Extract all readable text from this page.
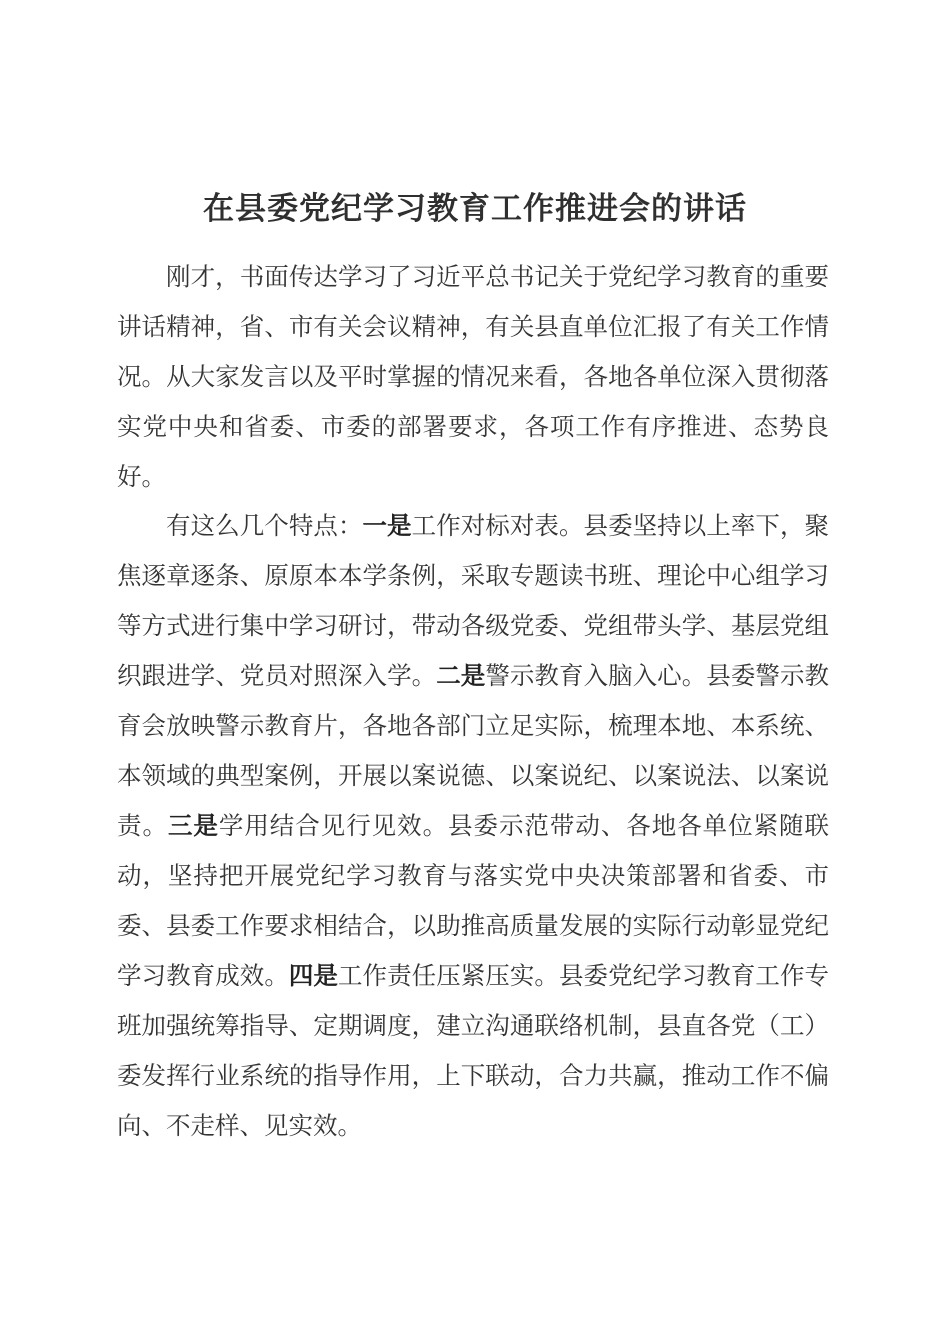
在县委党纪学习教育工作推进会的讲话

刚才，书面传达学习了习近平总书记关于党纪学习教育的重要讲话精神，省、市有关会议精神，有关县直单位汇报了有关工作情况。从大家发言以及平时掌握的情况来看，各地各单位深入贯彻落实党中央和省委、市委的部署要求，各项工作有序推进、态势良好。

有这么几个特点：一是工作对标对表。县委坚持以上率下，聚焦逐章逐条、原原本本学条例，采取专题读书班、理论中心组学习等方式进行集中学习研讨，带动各级党委、党组带头学、基层党组织跟进学、党员对照深入学。二是警示教育入脑入心。县委警示教育会放映警示教育片，各地各部门立足实际，梳理本地、本系统、本领域的典型案例，开展以案说德、以案说纪、以案说法、以案说责。三是学用结合见行见效。县委示范带动、各地各单位紧随联动，坚持把开展党纪学习教育与落实党中央决策部署和省委、市委、县委工作要求相结合，以助推高质量发展的实际行动彰显党纪学习教育成效。四是工作责任压紧压实。县委党纪学习教育工作专班加强统筹指导、定期调度，建立沟通联络机制，县直各党（工）委发挥行业系统的指导作用，上下联动，合力共赢，推动工作不偏向、不走样、见实效。
